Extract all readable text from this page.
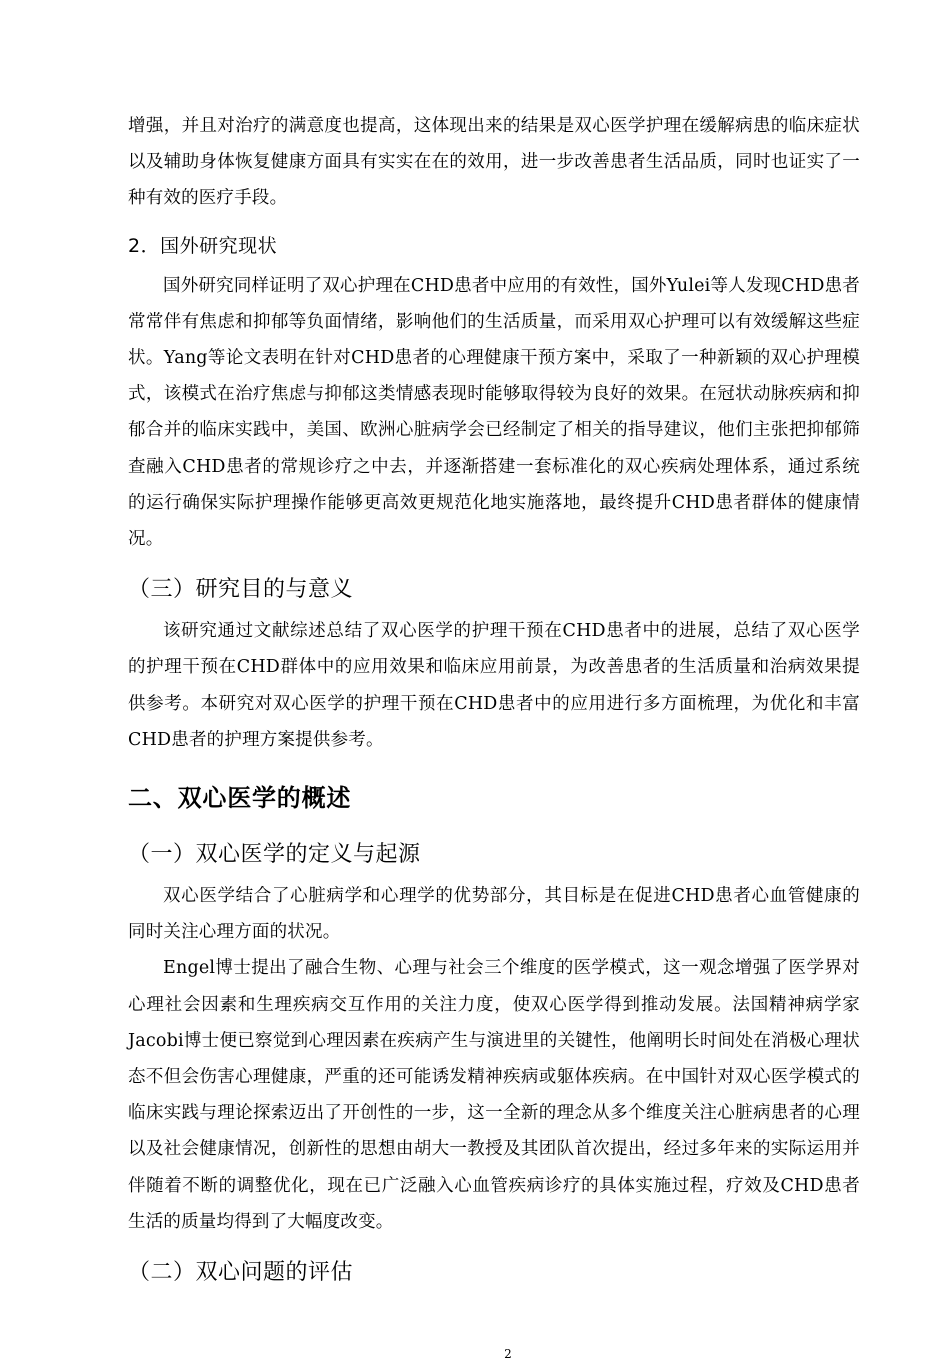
增强，并且对治疗的满意度也提高，这体现出来的结果是双心医学护理在缓解病患的临床症状以及辅助身体恢复健康方面具有实实在在的效用，进一步改善患者生活品质，同时也证实了一种有效的医疗手段。

2．国外研究现状

国外研究同样证明了双心护理在CHD患者中应用的有效性，国外Yulei等人发现CHD患者常常伴有焦虑和抑郁等负面情绪，影响他们的生活质量，而采用双心护理可以有效缓解这些症状。Yang等论文表明在针对CHD患者的心理健康干预方案中，采取了一种新颖的双心护理模式，该模式在治疗焦虑与抑郁这类情感表现时能够取得较为良好的效果。在冠状动脉疾病和抑郁合并的临床实践中，美国、欧洲心脏病学会已经制定了相关的指导建议，他们主张把抑郁筛查融入CHD患者的常规诊疗之中去，并逐渐搭建一套标准化的双心疾病处理体系，通过系统的运行确保实际护理操作能够更高效更规范化地实施落地，最终提升CHD患者群体的健康情况。

（三）研究目的与意义

该研究通过文献综述总结了双心医学的护理干预在CHD患者中的进展，总结了双心医学的护理干预在CHD群体中的应用效果和临床应用前景，为改善患者的生活质量和治病效果提供参考。本研究对双心医学的护理干预在CHD患者中的应用进行多方面梳理，为优化和丰富CHD患者的护理方案提供参考。

二、双心医学的概述
（一）双心医学的定义与起源

双心医学结合了心脏病学和心理学的优势部分，其目标是在促进CHD患者心血管健康的同时关注心理方面的状况。

Engel博士提出了融合生物、心理与社会三个维度的医学模式，这一观念增强了医学界对心理社会因素和生理疾病交互作用的关注力度，使双心医学得到推动发展。法国精神病学家Jacobi博士便已察觉到心理因素在疾病产生与演进里的关键性，他阐明长时间处在消极心理状态不但会伤害心理健康，严重的还可能诱发精神疾病或躯体疾病。在中国针对双心医学模式的临床实践与理论探索迈出了开创性的一步，这一全新的理念从多个维度关注心脏病患者的心理以及社会健康情况，创新性的思想由胡大一教授及其团队首次提出，经过多年来的实际运用并伴随着不断的调整优化，现在已广泛融入心血管疾病诊疗的具体实施过程，疗效及CHD患者生活的质量均得到了大幅度改变。

（二）双心问题的评估
2
